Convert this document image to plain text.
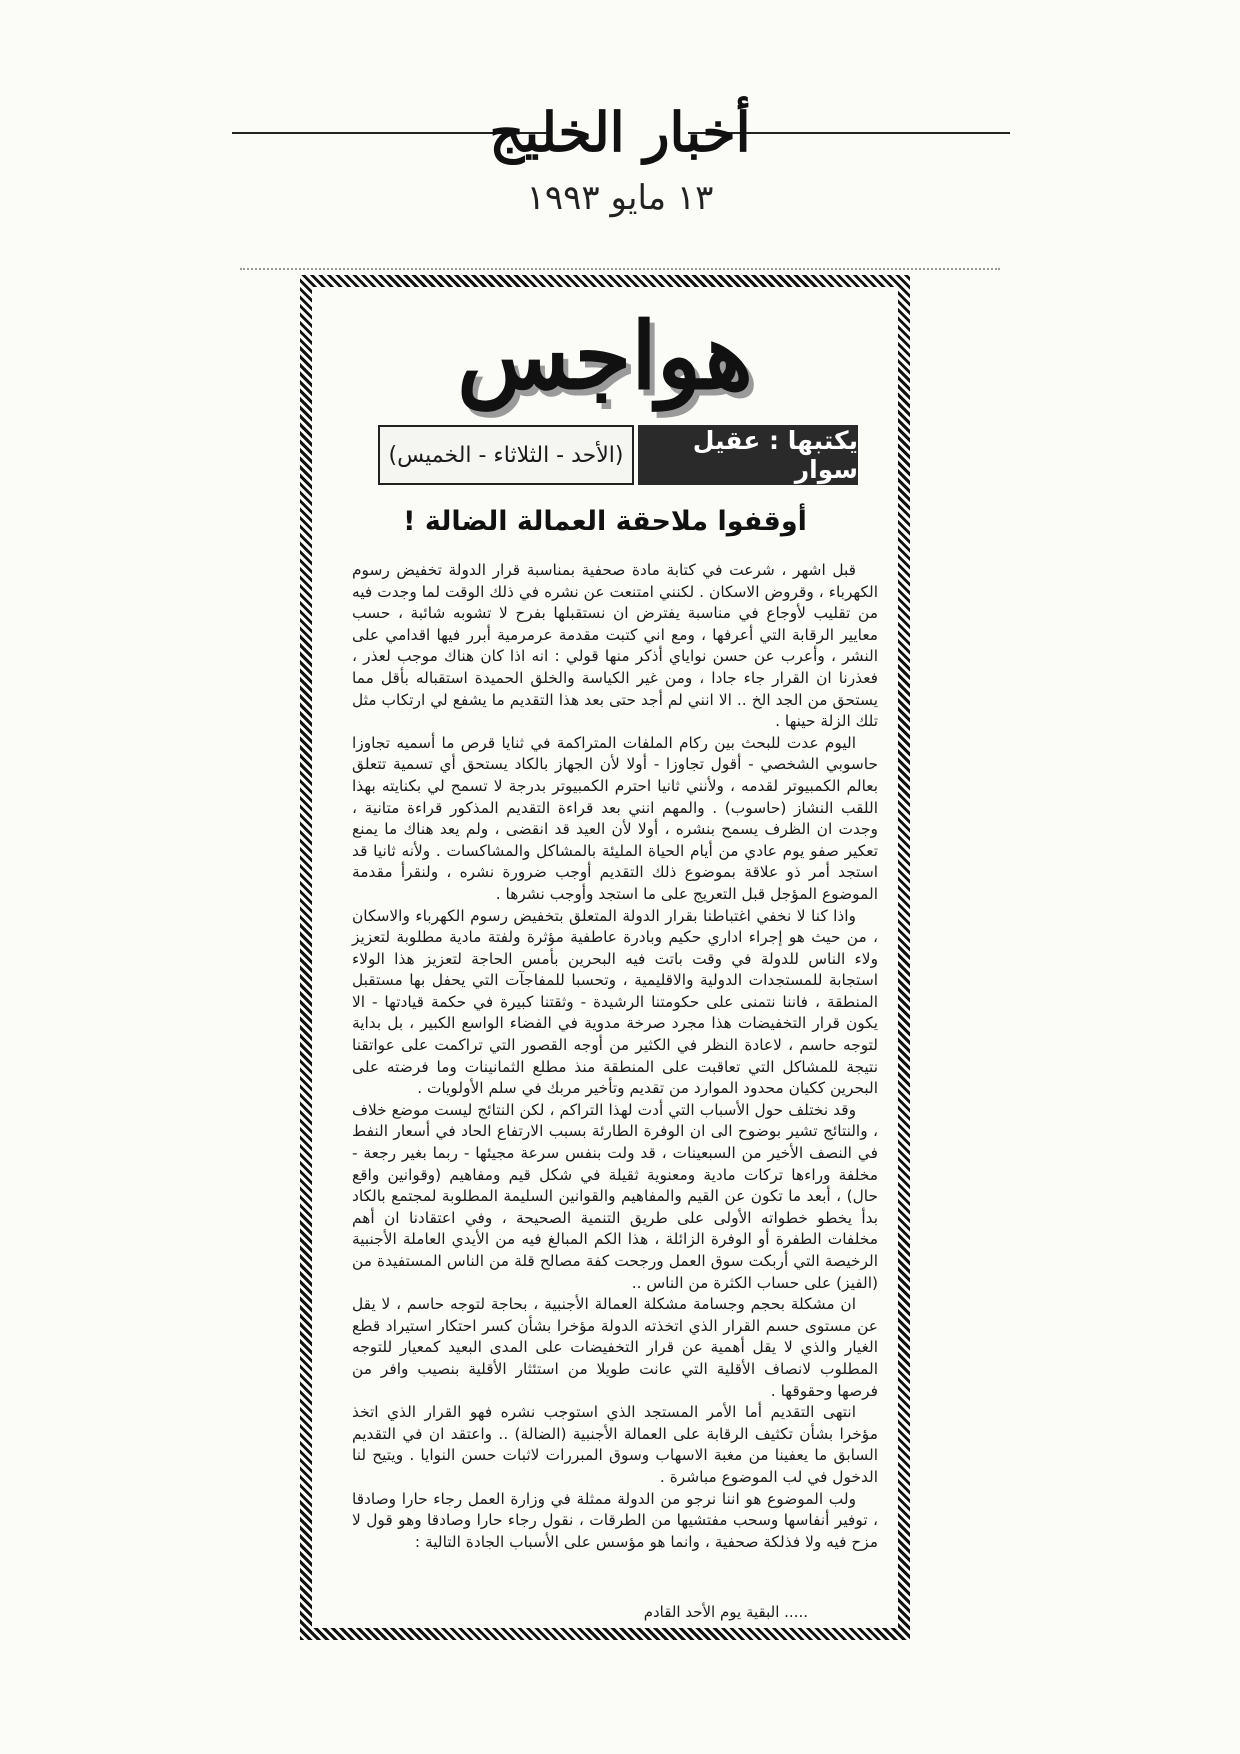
أخبار الخليج
١٣ مايو ١٩٩٣
هواجس
يكتبها : عقيل سوار
(الأحد - الثلاثاء - الخميس)
أوقفوا ملاحقة العمالة الضالة !

قبل اشهر ، شرعت في كتابة مادة صحفية بمناسبة قرار الدولة تخفيض رسوم الكهرباء ، وقروض الاسكان . لكنني امتنعت عن نشره في ذلك الوقت لما وجدت فيه من تقليب لأوجاع في مناسبة يفترض ان نستقبلها بفرح لا تشوبه شائبة ، حسب معايير الرقابة التي أعرفها ، ومع اني كتبت مقدمة عرمرمية أبرر فيها اقدامي على النشر ، وأعرب عن حسن نواياي أذكر منها قولي : انه اذا كان هناك موجب لعذر ، فعذرنا ان القرار جاء جادا ، ومن غير الكياسة والخلق الحميدة استقباله بأقل مما يستحق من الجد الخ .. الا انني لم أجد حتى بعد هذا التقديم ما يشفع لي ارتكاب مثل تلك الزلة حينها .

اليوم عدت للبحث بين ركام الملفات المتراكمة في ثنايا قرص ما أسميه تجاوزا حاسوبي الشخصي - أقول تجاوزا - أولا لأن الجهاز بالكاد يستحق أي تسمية تتعلق بعالم الكمبيوتر لقدمه ، ولأنني ثانيا احترم الكمبيوتر بدرجة لا تسمح لي بكنايته بهذا اللقب النشاز (حاسوب) . والمهم انني بعد قراءة التقديم المذكور قراءة متانية ، وجدت ان الظرف يسمح بنشره ، أولا لأن العيد قد انقضى ، ولم يعد هناك ما يمنع تعكير صفو يوم عادي من أيام الحياة المليئة بالمشاكل والمشاكسات . ولأنه ثانيا قد استجد أمر ذو علاقة بموضوع ذلك التقديم أوجب ضرورة نشره ، ولنقرأ مقدمة الموضوع المؤجل قبل التعريج على ما استجد وأوجب نشرها .

واذا كنا لا نخفي اغتباطنا بقرار الدولة المتعلق بتخفيض رسوم الكهرباء والاسكان ، من حيث هو إجراء اداري حكيم وبادرة عاطفية مؤثرة ولفتة مادية مطلوبة لتعزيز ولاء الناس للدولة في وقت باتت فيه البحرين بأمس الحاجة لتعزيز هذا الولاء استجابة للمستجدات الدولية والاقليمية ، وتحسبا للمفاجآت التي يحفل بها مستقبل المنطقة ، فاننا نتمنى على حكومتنا الرشيدة - وثقتنا كبيرة في حكمة قيادتها - الا يكون قرار التخفيضات هذا مجرد صرخة مدوية في الفضاء الواسع الكبير ، بل بداية لتوجه حاسم ، لاعادة النظر في الكثير من أوجه القصور التي تراكمت على عواتقنا نتيجة للمشاكل التي تعاقبت على المنطقة منذ مطلع الثمانينات وما فرضته على البحرين ككيان محدود الموارد من تقديم وتأخير مربك في سلم الأولويات .

وقد نختلف حول الأسباب التي أدت لهذا التراكم ، لكن النتائج ليست موضع خلاف ، والنتائج تشير بوضوح الى ان الوفرة الطارئة بسبب الارتفاع الحاد في أسعار النفط في النصف الأخير من السبعينات ، قد ولت بنفس سرعة مجيئها - ربما بغير رجعة - مخلفة وراءها تركات مادية ومعنوية ثقيلة في شكل قيم ومفاهيم (وقوانين واقع حال) ، أبعد ما تكون عن القيم والمفاهيم والقوانين السليمة المطلوبة لمجتمع بالكاد بدأ يخطو خطواته الأولى على طريق التنمية الصحيحة ، وفي اعتقادنا ان أهم مخلفات الطفرة أو الوفرة الزائلة ، هذا الكم المبالغ فيه من الأيدي العاملة الأجنبية الرخيصة التي أربكت سوق العمل ورجحت كفة مصالح قلة من الناس المستفيدة من (الفيز) على حساب الكثرة من الناس ..

ان مشكلة بحجم وجسامة مشكلة العمالة الأجنبية ، بحاجة لتوجه حاسم ، لا يقل عن مستوى حسم القرار الذي اتخذته الدولة مؤخرا بشأن كسر احتكار استيراد قطع الغيار والذي لا يقل أهمية عن قرار التخفيضات على المدى البعيد كمعيار للتوجه المطلوب لانصاف الأقلية التي عانت طويلا من استئثار الأقلية بنصيب وافر من فرصها وحقوقها .

انتهى التقديم أما الأمر المستجد الذي استوجب نشره فهو القرار الذي اتخذ مؤخرا بشأن تكثيف الرقابة على العمالة الأجنبية (الضالة) .. واعتقد ان في التقديم السابق ما يعفينا من مغبة الاسهاب وسوق المبررات لاثبات حسن النوايا . ويتيح لنا الدخول في لب الموضوع مباشرة .

ولب الموضوع هو اننا نرجو من الدولة ممثلة في وزارة العمل رجاء حارا وصادقا ، توفير أنفاسها وسحب مفتشيها من الطرقات ، نقول رجاء حارا وصادقا وهو قول لا مزح فيه ولا فذلكة صحفية ، وانما هو مؤسس على الأسباب الجادة التالية :

..... البقية يوم الأحد القادم
